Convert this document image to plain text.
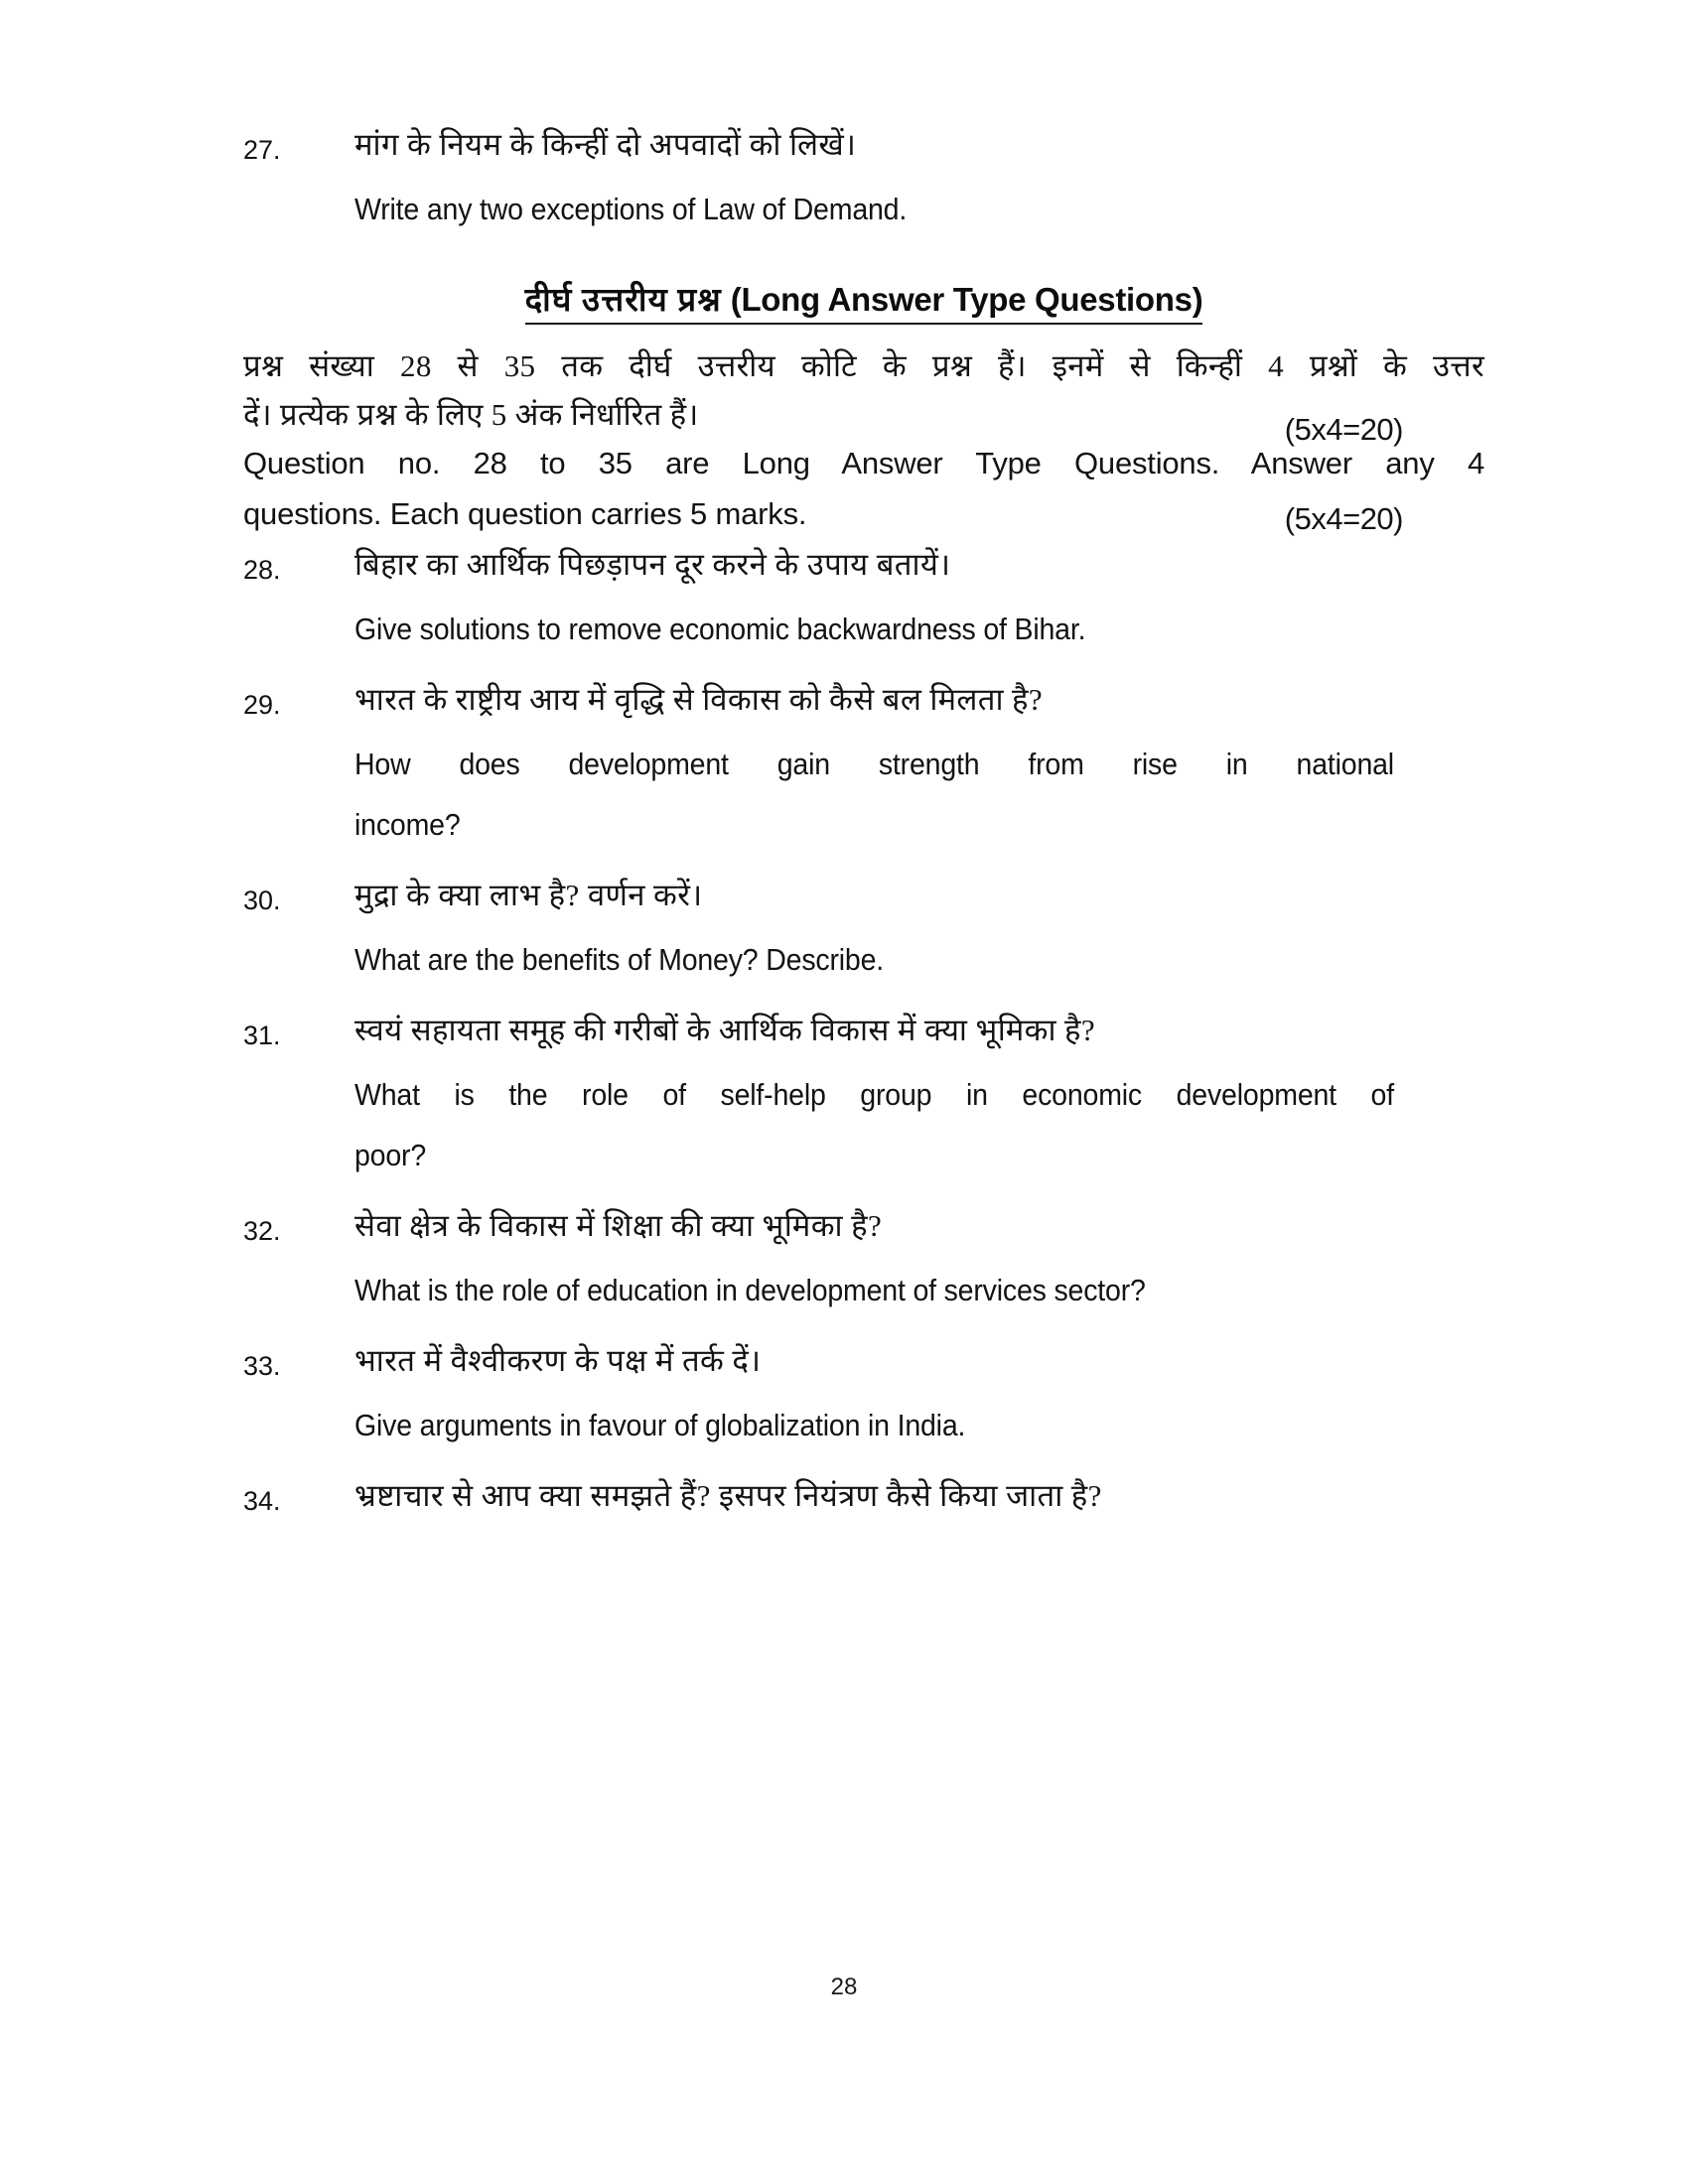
27.	मांग के नियम के किन्हीं दो अपवादों को लिखें।
Write any two exceptions of Law of Demand.
दीर्घ उत्तरीय प्रश्न (Long Answer Type Questions)
प्रश्न संख्या 28 से 35 तक दीर्घ उत्तरीय कोटि के प्रश्न हैं। इनमें से किन्हीं 4 प्रश्नों के उत्तर
दें। प्रत्येक प्रश्न के लिए 5 अंक निर्धारित हैं।	(5x4=20)
Question no. 28 to 35 are Long Answer Type Questions. Answer any 4
questions. Each question carries 5 marks.	(5x4=20)
28.	बिहार का आर्थिक पिछड़ापन दूर करने के उपाय बतायें।
Give solutions to remove economic backwardness of Bihar.
29.	भारत के राष्ट्रीय आय में वृद्धि से विकास को कैसे बल मिलता है?
How does development gain strength from rise in national
income?
30.	मुद्रा के क्या लाभ है? वर्णन करें।
What are the benefits of Money? Describe.
31.	स्वयं सहायता समूह की गरीबों के आर्थिक विकास में क्या भूमिका है?
What is the role of self-help group in economic development of
poor?
32.	सेवा क्षेत्र के विकास में शिक्षा की क्या भूमिका है?
What is the role of education in development of services sector?
33.	भारत में वैश्वीकरण के पक्ष में तर्क दें।
Give arguments in favour of globalization in India.
34.	भ्रष्टाचार से आप क्या समझते हैं? इसपर नियंत्रण कैसे किया जाता है?
28
